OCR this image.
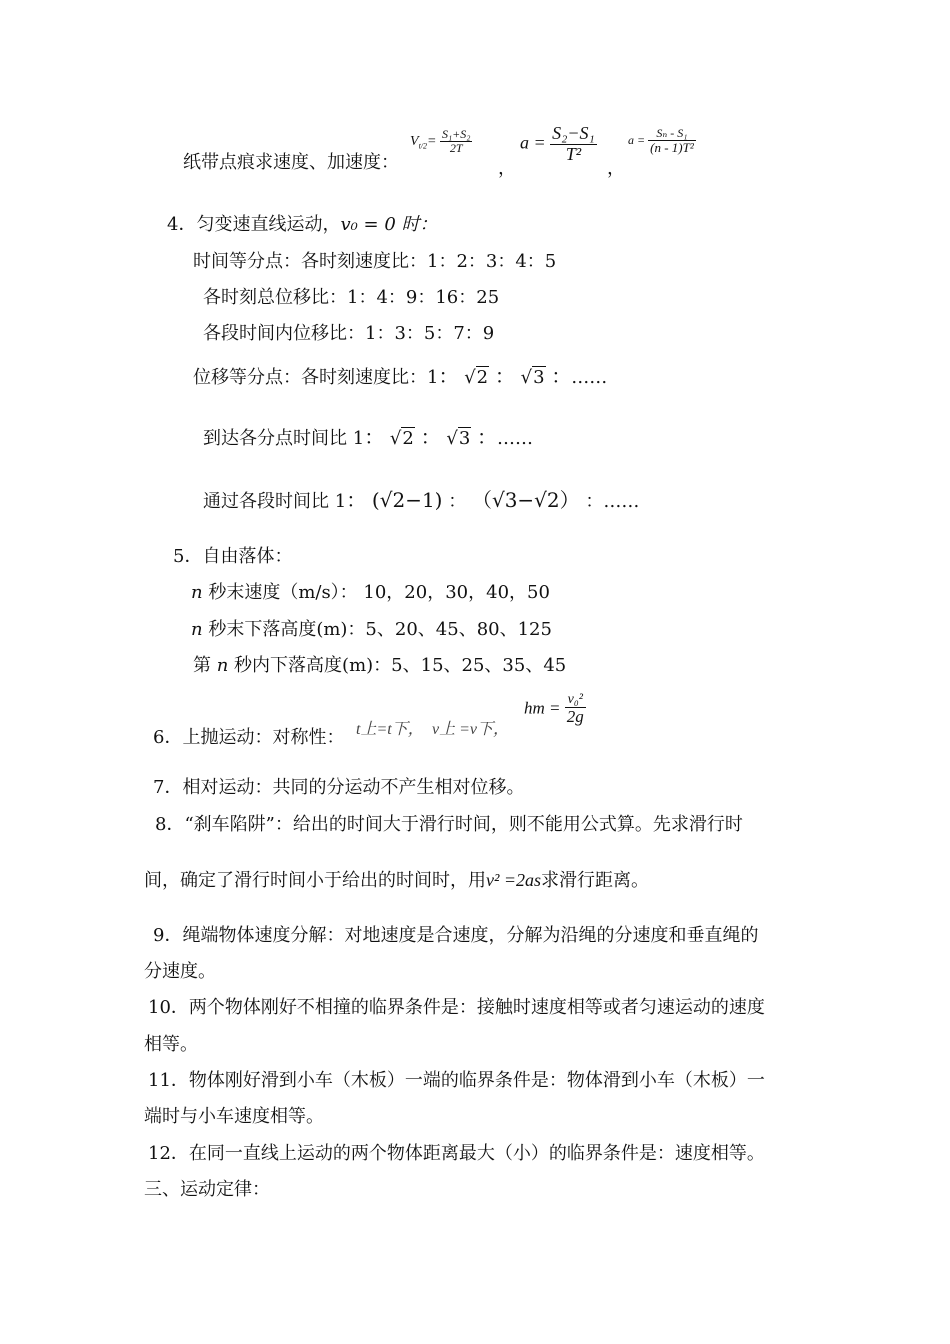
纸带点痕求速度、加速度：
$V_{t/2}= \frac{\text{S₁+S₂}}{2T}$
，
$a = \frac{\text{S₂−S₁}}{\text{T²}}$
，
$a = \frac{\text{Sₙ - S₁}}{\text{(n - 1)T²}}$
4．匀变速直线运动，v₀ = 0 时：
时间等分点：各时刻速度比：1：2：3：4：5
各时刻总位移比：1：4：9：16：25
各段时间内位移比：1：3：5：7：9
位移等分点：各时刻速度比：1： √2 ： √3 ：……
到达各分点时间比 1： √2 ： √3 ：……
通过各段时间比 1： (√2−1) ： （√3−√2） ：……
5．自由落体：
n 秒末速度（m/s）： 10，20，30，40，50
n 秒末下落高度(m)：5、20、45、80、125
第 n 秒内下落高度(m)：5、15、25、35、45
6．上抛运动：对称性： t上=t下， v上 =v下，
hm = $\frac{\text{v₀²}}{2g}$
7．相对运动：共同的分运动不产生相对位移。
8．“刹车陷阱”：给出的时间大于滑行时间，则不能用公式算。先求滑行时
间，确定了滑行时间小于给出的时间时，用v² =2as求滑行距离。
9．绳端物体速度分解：对地速度是合速度，分解为沿绳的分速度和垂直绳的
分速度。
10．两个物体刚好不相撞的临界条件是：接触时速度相等或者匀速运动的速度
相等。
11．物体刚好滑到小车（木板）一端的临界条件是：物体滑到小车（木板）一
端时与小车速度相等。
12．在同一直线上运动的两个物体距离最大（小）的临界条件是：速度相等。
三、运动定律：
